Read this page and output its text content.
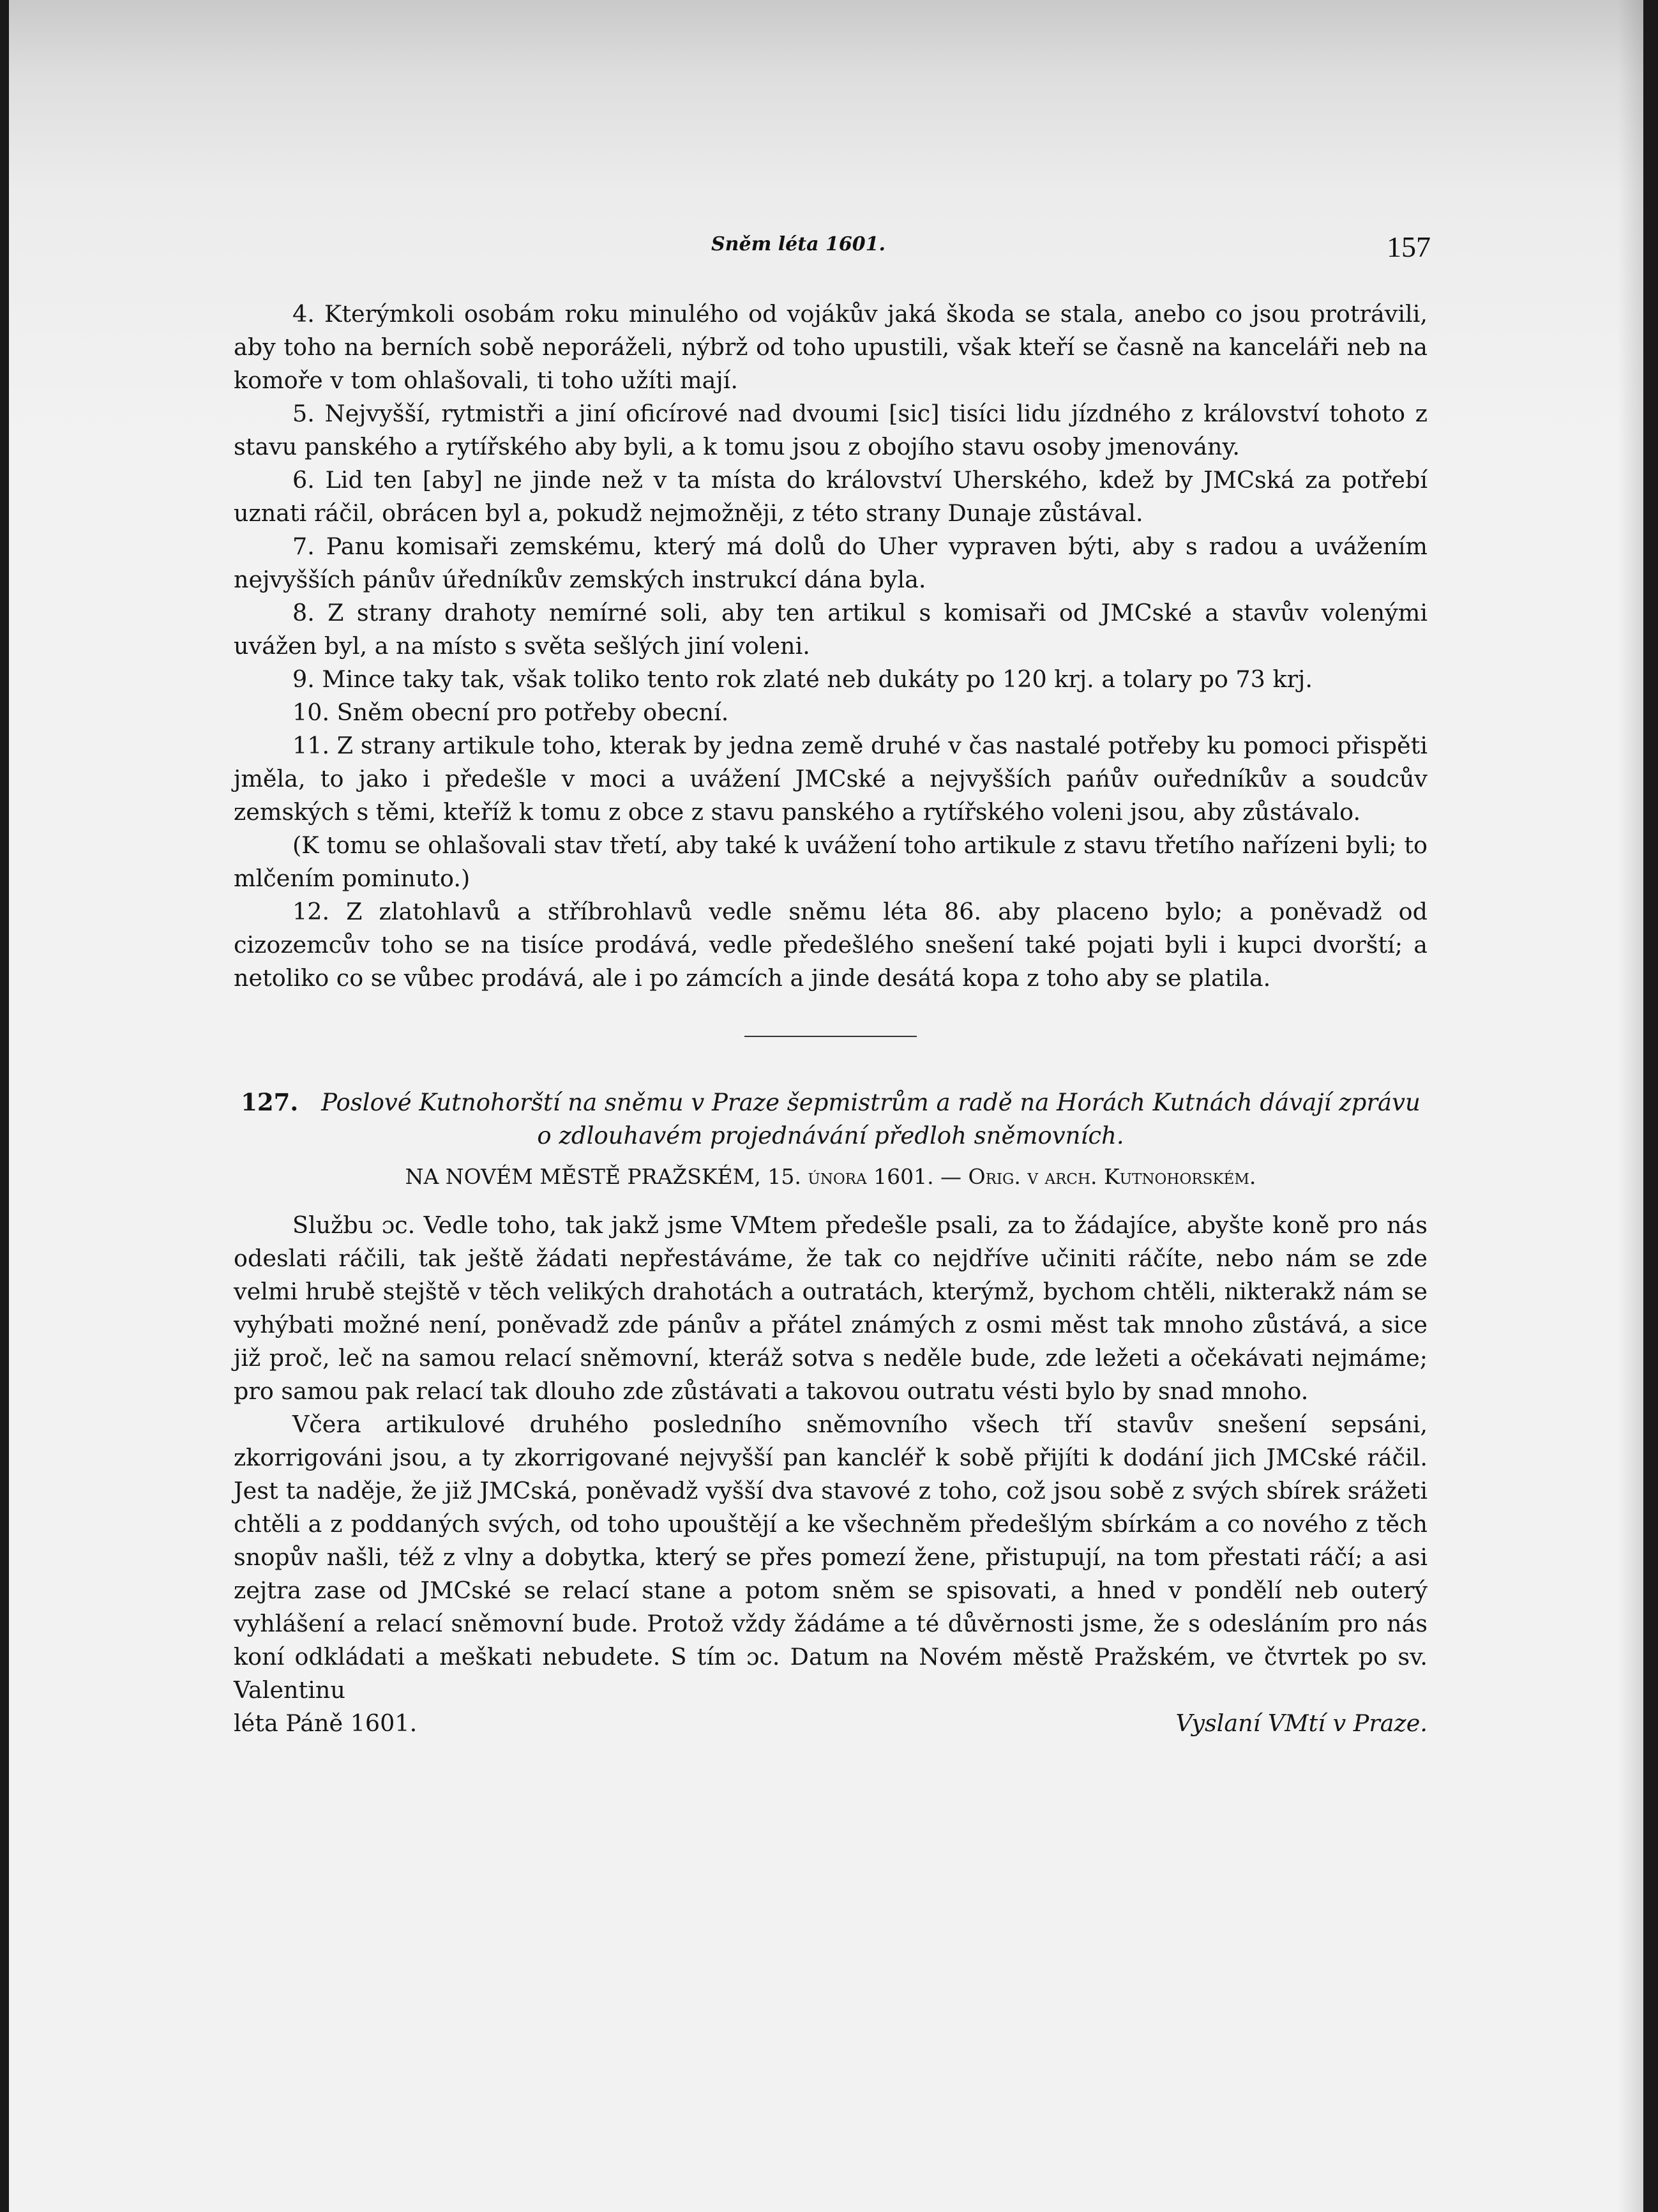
Sněm léta 1601.	157

4. Kterýmkoli osobám roku minulého od vojákův jaká škoda se stala, anebo co jsou protrávili, aby toho na berních sobě neporáželi, nýbrž od toho upustili, však kteří se časně na kanceláři neb na komoře v tom ohlašovali, ti toho užíti mají.

5. Nejvyšší, rytmistři a jiní oficírové nad dvoumi [sic] tisíci lidu jízdného z království tohoto z stavu panského a rytířského aby byli, a k tomu jsou z obojího stavu osoby jmenovány.

6. Lid ten [aby] ne jinde než v ta místa do království Uherského, kdež by JMCská za potřebí uznati ráčil, obrácen byl a, pokudž nejmožněji, z této strany Dunaje zůstával.

7. Panu komisaři zemskému, který má dolů do Uher vypraven býti, aby s radou a uvážením nejvyšších pánův úředníkův zemských instrukcí dána byla.

8. Z strany drahoty nemírné soli, aby ten artikul s komisaři od JMCské a stavův volenými uvážen byl, a na místo s světa sešlých jiní voleni.

9. Mince taky tak, však toliko tento rok zlaté neb dukáty po 120 krj. a tolary po 73 krj.

10. Sněm obecní pro potřeby obecní.

11. Z strany artikule toho, kterak by jedna země druhé v čas nastalé potřeby ku pomoci přispěti jměla, to jako i předešle v moci a uvážení JMCské a nejvyšších pańův ouředníkův a soudcův zemských s těmi, kteříž k tomu z obce z stavu panského a rytířského voleni jsou, aby zůstávalo.

(K tomu se ohlašovali stav třetí, aby také k uvážení toho artikule z stavu třetího nařízeni byli; to mlčením pominuto.)

12. Z zlatohlavů a stříbrohlavů vedle sněmu léta 86. aby placeno bylo; a poněvadž od cizozemcův toho se na tisíce prodává, vedle předešlého snešení také pojati byli i kupci dvorští; a netoliko co se vůbec prodává, ale i po zámcích a jinde desátá kopa z toho aby se platila.

127. Poslové Kutnohorští na sněmu v Praze šepmistrům a radě na Horách Kutnách dávají zprávu o zdlouhavém projednávání předloh sněmovních.

NA NOVÉM MĚSTĚ PRAŽSKÉM, 15. února 1601. — Orig. v arch. Kutnohorském.

Službu ɔc. Vedle toho, tak jakž jsme VMtem předešle psali, za to žádajíce, abyšte koně pro nás odeslati ráčili, tak ještě žádati nepřestáváme, že tak co nejdříve učiniti ráčíte, nebo nám se zde velmi hrubě stejště v těch velikých drahotách a outratách, kterýmž, bychom chtěli, nikterakž nám se vyhýbati možné není, poněvadž zde pánův a přátel známých z osmi měst tak mnoho zůstává, a sice již proč, leč na samou relací sněmovní, kteráž sotva s neděle bude, zde ležeti a očekávati nejmáme; pro samou pak relací tak dlouho zde zůstávati a takovou outratu vésti bylo by snad mnoho.

Včera artikulové druhého posledního sněmovního všech tří stavův snešení sepsáni, zkorrigováni jsou, a ty zkorrigované nejvyšší pan kancléř k sobě přijíti k dodání jich JMCské ráčil. Jest ta naděje, že již JMCská, poněvadž vyšší dva stavové z toho, což jsou sobě z svých sbírek srážeti chtěli a z poddaných svých, od toho upouštějí a ke všechněm předešlým sbírkám a co nového z těch snopův našli, též z vlny a dobytka, který se přes pomezí žene, přistupují, na tom přestati ráčí; a asi zejtra zase od JMCské se relací stane a potom sněm se spisovati, a hned v pondělí neb outerý vyhlášení a relací sněmovní bude. Protož vždy žádáme a té důvěrnosti jsme, že s odesláním pro nás koní odkládati a meškati nebudete. S tím ɔc. Datum na Novém městě Pražském, ve čtvrtek po sv. Valentinu

léta Páně 1601.	Vyslaní VMtí v Praze.
